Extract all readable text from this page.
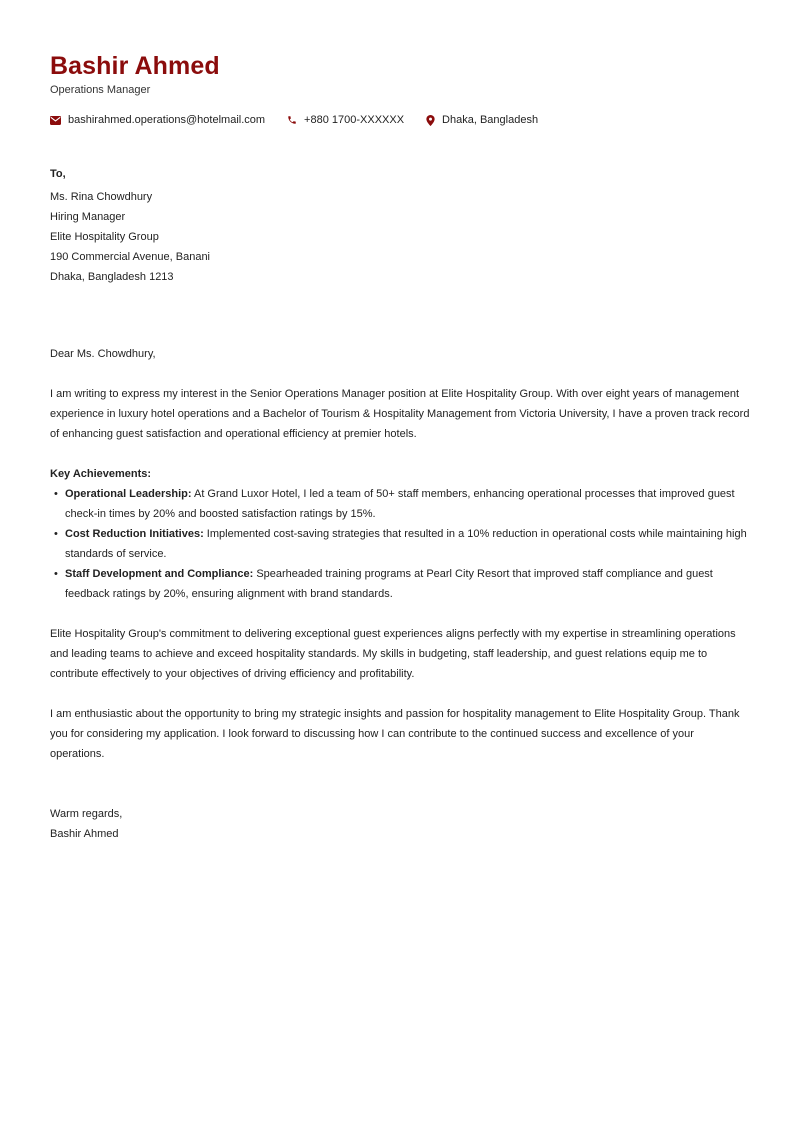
Bashir Ahmed
Operations Manager
bashirahmed.operations@hotelmail.com	+880 1700-XXXXXX	Dhaka, Bangladesh
To,
Ms. Rina Chowdhury
Hiring Manager
Elite Hospitality Group
190 Commercial Avenue, Banani
Dhaka, Bangladesh 1213

Dear Ms. Chowdhury,

I am writing to express my interest in the Senior Operations Manager position at Elite Hospitality Group. With over eight years of management experience in luxury hotel operations and a Bachelor of Tourism & Hospitality Management from Victoria University, I have a proven track record of enhancing guest satisfaction and operational efficiency at premier hotels.

Key Achievements:

• Operational Leadership: At Grand Luxor Hotel, I led a team of 50+ staff members, enhancing operational processes that improved guest check-in times by 20% and boosted satisfaction ratings by 15%.
• Cost Reduction Initiatives: Implemented cost-saving strategies that resulted in a 10% reduction in operational costs while maintaining high standards of service.
• Staff Development and Compliance: Spearheaded training programs at Pearl City Resort that improved staff compliance and guest feedback ratings by 20%, ensuring alignment with brand standards.

Elite Hospitality Group's commitment to delivering exceptional guest experiences aligns perfectly with my expertise in streamlining operations and leading teams to achieve and exceed hospitality standards. My skills in budgeting, staff leadership, and guest relations equip me to contribute effectively to your objectives of driving efficiency and profitability.

I am enthusiastic about the opportunity to bring my strategic insights and passion for hospitality management to Elite Hospitality Group. Thank you for considering my application. I look forward to discussing how I can contribute to the continued success and excellence of your operations.

Warm regards,
Bashir Ahmed
